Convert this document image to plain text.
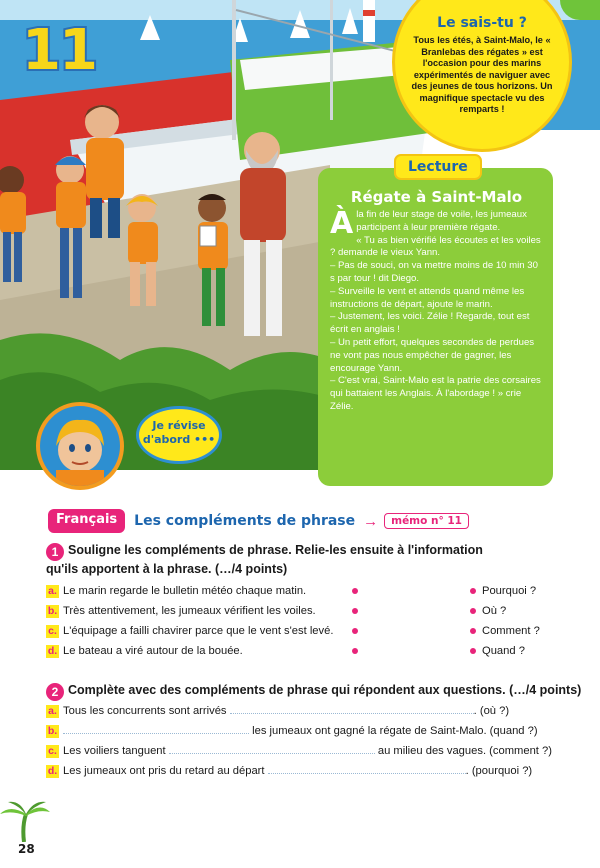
11	Le sais-tu ?
Tous les étés, à Saint-Malo, le « Branlebas des régates » est l'occasion pour des marins expérimentés de naviguer avec des jeunes de tous horizons. Un magnifique spectacle vu des remparts !
Lecture
Régate à Saint-Malo

À la fin de leur stage de voile, les jumeaux participent à leur première régate.

« Tu as bien vérifié les écoutes et les voiles ? demande le vieux Yann.

– Pas de souci, on va mettre moins de 10 min 30 s par tour ! dit Diego.

– Surveille le vent et attends quand même les instructions de départ, ajoute le marin.

– Justement, les voici. Zélie ! Regarde, tout est écrit en anglais !

– Un petit effort, quelques secondes de perdues ne vont pas nous empêcher de gagner, les encourage Yann.

– C'est vrai, Saint-Malo est la patrie des corsaires qui battaient les Anglais. À l'abordage ! » crie Zélie.

Je révise
d'abord •••
Français	Les compléments de phrase →	mémo n° 11
1 Souligne les compléments de phrase. Relie-les ensuite à l'information
qu'ils apportent à la phrase. (…/4 points)
a. Le marin regarde le bulletin météo chaque matin.	Pourquoi ?
b. Très attentivement, les jumeaux vérifient les voiles.	Où ?
c. L'équipage a failli chavirer parce que le vent s'est levé.	Comment ?
d. Le bateau a viré autour de la bouée.	Quand ?
2 Complète avec des compléments de phrase qui répondent aux questions. (…/4 points)
a. Tous les concurrents sont arrivés	. (où ?)
b.	les jumeaux ont gagné la régate de Saint-Malo. (quand ?)
c. Les voiliers tanguent	au milieu des vagues. (comment ?)
d. Les jumeaux ont pris du retard au départ	. (pourquoi ?)
28
